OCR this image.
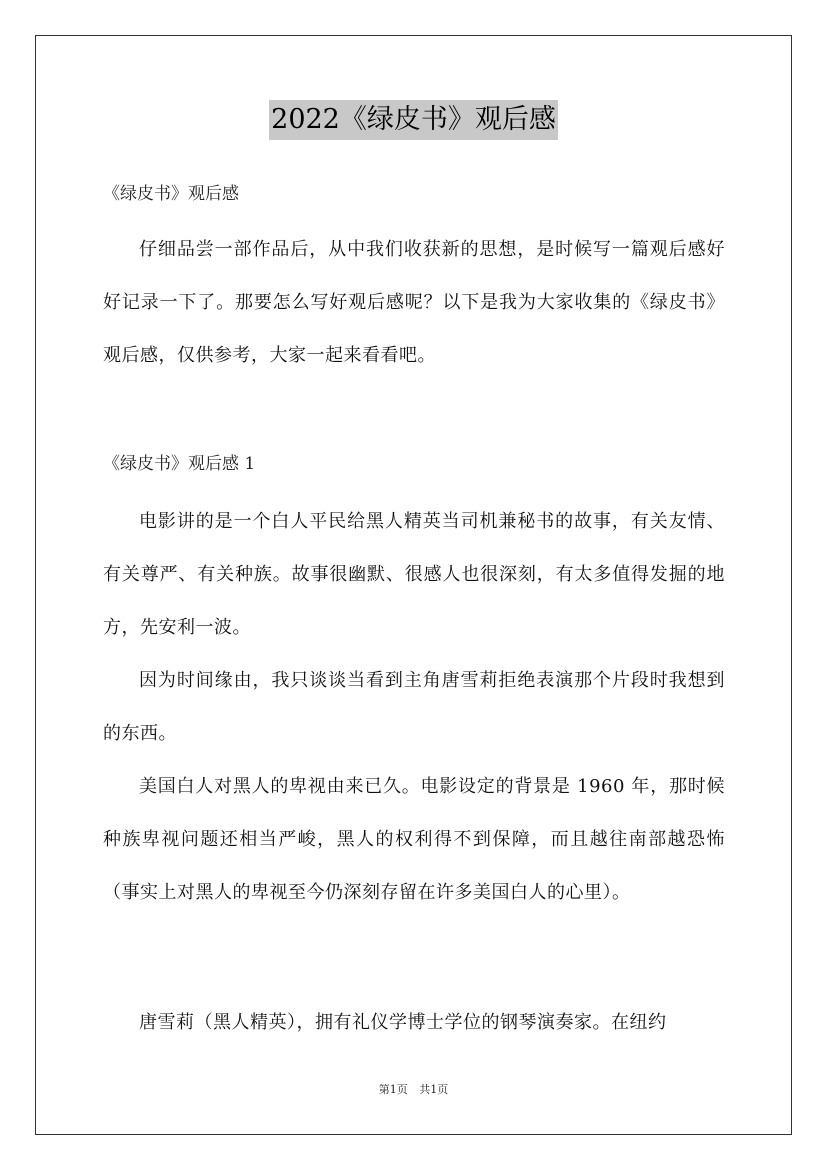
2022《绿皮书》观后感
《绿皮书》观后感

仔细品尝一部作品后，从中我们收获新的思想，是时候写一篇观后感好好记录一下了。那要怎么写好观后感呢？以下是我为大家收集的《绿皮书》观后感，仅供参考，大家一起来看看吧。

《绿皮书》观后感 1

电影讲的是一个白人平民给黑人精英当司机兼秘书的故事，有关友情、有关尊严、有关种族。故事很幽默、很感人也很深刻，有太多值得发掘的地方，先安利一波。

因为时间缘由，我只谈谈当看到主角唐雪莉拒绝表演那个片段时我想到的东西。

美国白人对黑人的卑视由来已久。电影设定的背景是 1960 年，那时候种族卑视问题还相当严峻，黑人的权利得不到保障，而且越往南部越恐怖（事实上对黑人的卑视至今仍深刻存留在许多美国白人的心里）。

唐雪莉（黑人精英），拥有礼仪学博士学位的钢琴演奏家。在纽约

第1页 共1页
